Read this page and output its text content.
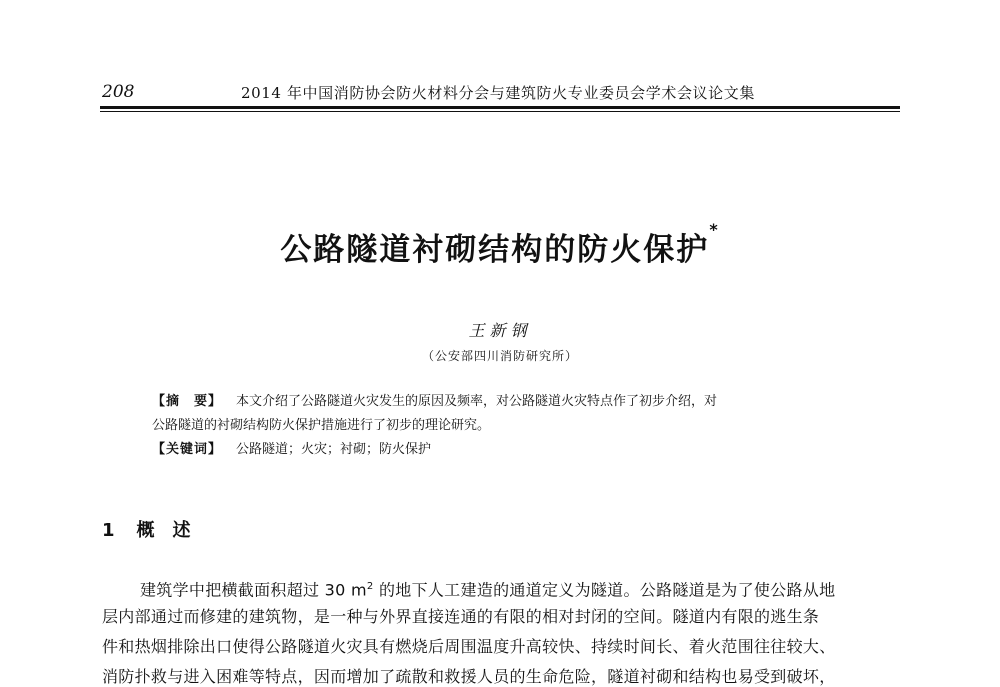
208	2014 年中国消防协会防火材料分会与建筑防火专业委员会学术会议论文集
公路隧道衬砌结构的防火保护*
王新钢
（公安部四川消防研究所）
【摘　要】 本文介绍了公路隧道火灾发生的原因及频率，对公路隧道火灾特点作了初步介绍，对
公路隧道的衬砌结构防火保护措施进行了初步的理论研究。
【关键词】 公路隧道；火灾；衬砌；防火保护
1 概述
建筑学中把横截面积超过 30 $m^2$ 的地下人工建造的通道定义为隧道。公路隧道是为了使公路从地
层内部通过而修建的建筑物，是一种与外界直接连通的有限的相对封闭的空间。隧道内有限的逃生条
件和热烟排除出口使得公路隧道火灾具有燃烧后周围温度升高较快、持续时间长、着火范围往往较大、
消防扑救与进入困难等特点，因而增加了疏散和救援人员的生命危险，隧道衬砌和结构也易受到破坏，
